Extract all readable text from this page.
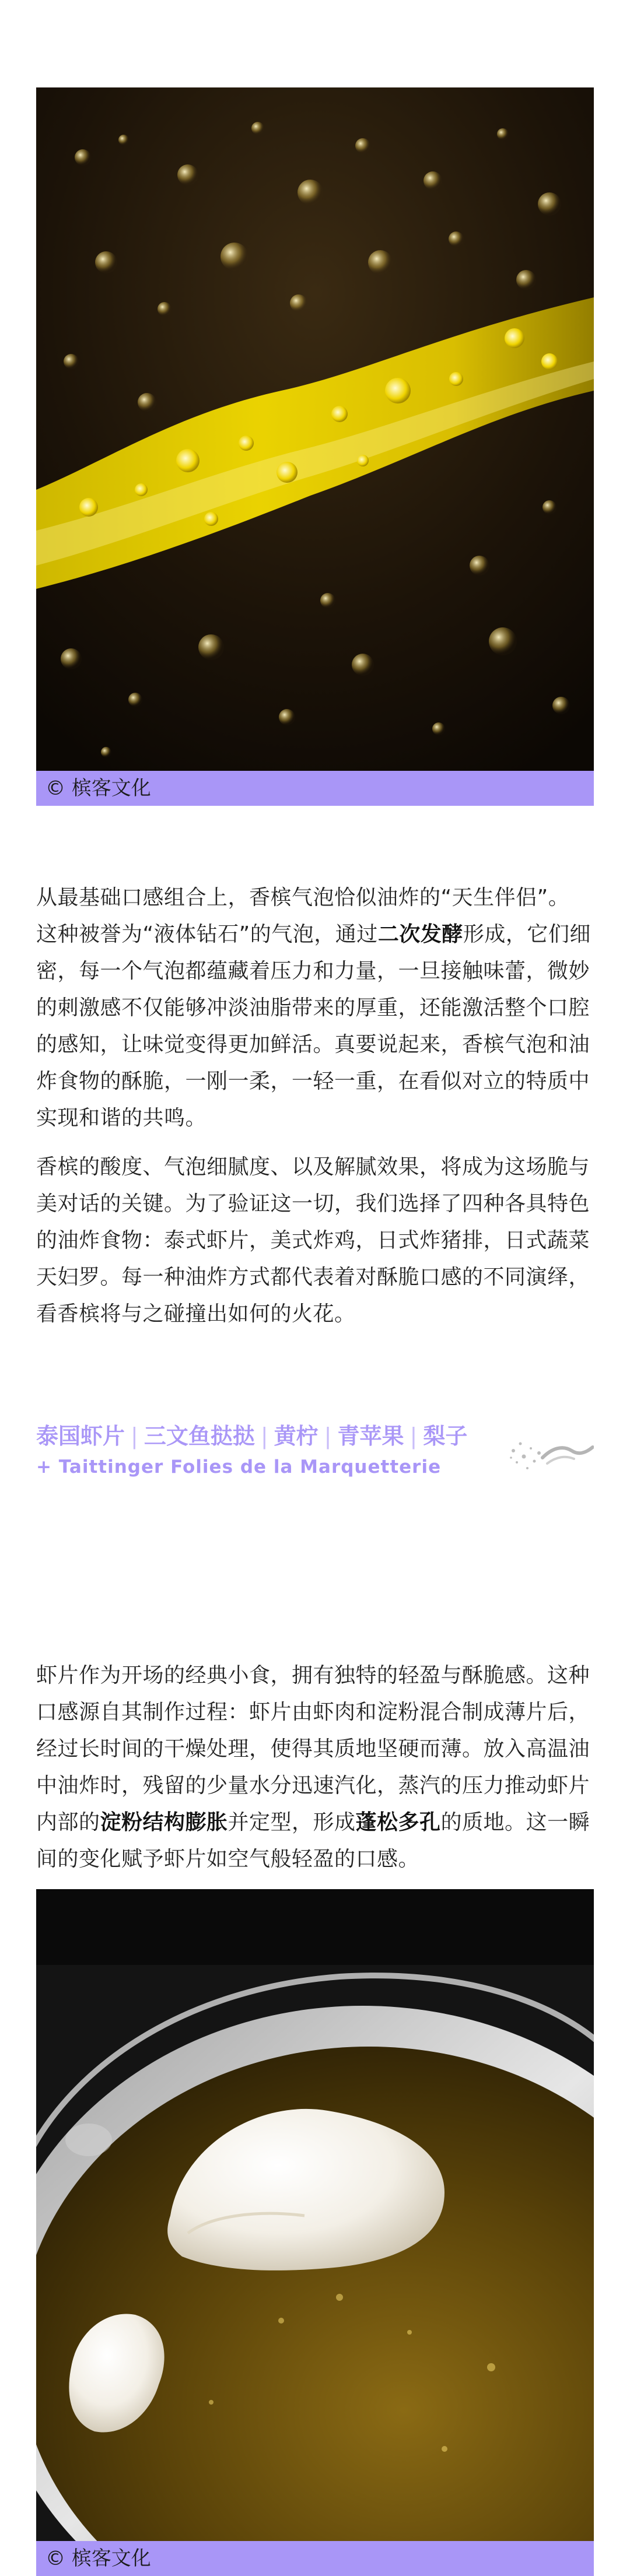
© 槟客文化
从最基础口感组合上，香槟气泡恰似油炸的“天生伴侣”。 这种被誉为“液体钻石”的气泡，通过二次发酵形成，它们细密，每一个气泡都蕴藏着压力和力量，一旦接触味蕾，微妙的刺激感不仅能够冲淡油脂带来的厚重，还能激活整个口腔的感知，让味觉变得更加鲜活。真要说起来，香槟气泡和油炸食物的酥脆，一刚一柔，一轻一重，在看似对立的特质中实现和谐的共鸣。
香槟的酸度、气泡细腻度、以及解腻效果，将成为这场脆与美对话的关键。为了验证这一切，我们选择了四种各具特色的油炸食物：泰式虾片，美式炸鸡，日式炸猪排，日式蔬菜天妇罗。每一种油炸方式都代表着对酥脆口感的不同演绎，看香槟将与之碰撞出如何的火花。
泰国虾片 | 三文鱼挞挞 | 黄柠 | 青苹果 | 梨子
+ Taittinger Folies de la Marquetterie
虾片作为开场的经典小食，拥有独特的轻盈与酥脆感。这种口感源自其制作过程：虾片由虾肉和淀粉混合制成薄片后，经过长时间的干燥处理，使得其质地坚硬而薄。放入高温油中油炸时，残留的少量水分迅速汽化，蒸汽的压力推动虾片内部的淀粉结构膨胀并定型，形成蓬松多孔的质地。这一瞬间的变化赋予虾片如空气般轻盈的口感。
© 槟客文化
